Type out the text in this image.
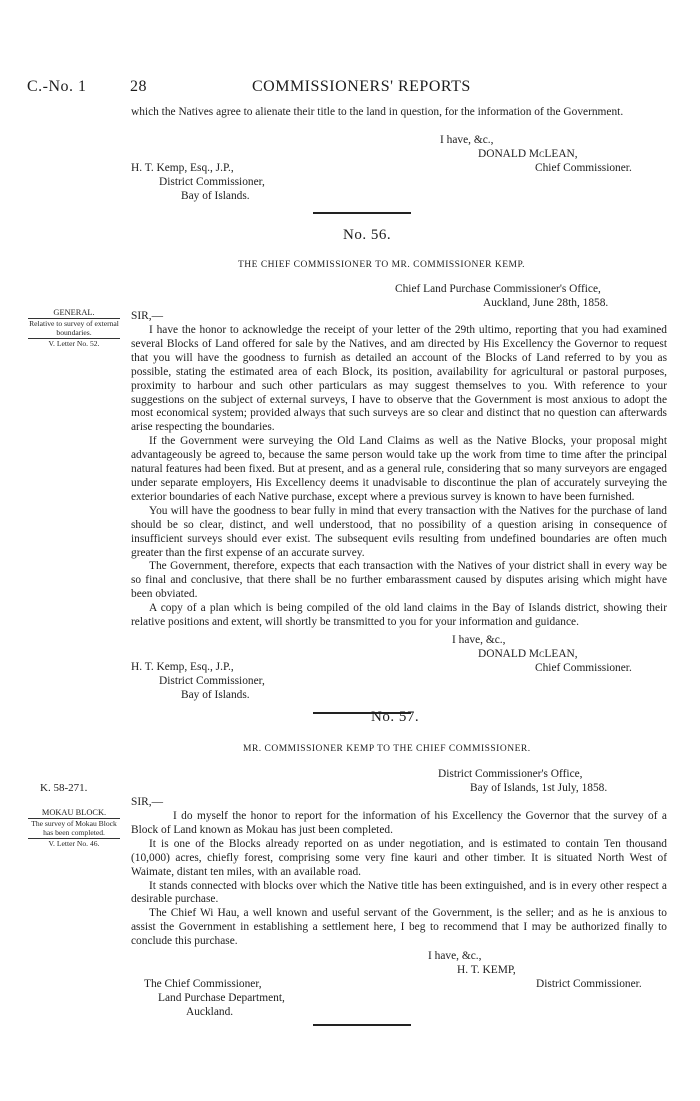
C.-No. 1	28	COMMISSIONERS' REPORTS

which the Natives agree to alienate their title to the land in question, for the information of the Government.

I have, &c.,
DONALD McLEAN,
Chief Commissioner.
H. T. Kemp, Esq., J.P.,
District Commissioner,
Bay of Islands.
No. 56.
THE CHIEF COMMISSIONER TO MR. COMMISSIONER KEMP.
Chief Land Purchase Commissioner's Office,
Auckland, June 28th, 1858.
GENERAL.
Relative to survey of external boundaries.
V. Letter No. 52.
SIR,—

I have the honor to acknowledge the receipt of your letter of the 29th ultimo, reporting that you had examined several Blocks of Land offered for sale by the Natives, and am directed by His Excellency the Governor to request that you will have the goodness to furnish as detailed an account of the Blocks of Land referred to by you as possible, stating the estimated area of each Block, its position, availability for agricultural or pastoral purposes, proximity to harbour and such other particulars as may suggest themselves to you. With reference to your suggestions on the subject of external surveys, I have to observe that the Government is most anxious to adopt the most economical system; provided always that such surveys are so clear and distinct that no question can afterwards arise respecting the boundaries.

If the Government were surveying the Old Land Claims as well as the Native Blocks, your proposal might advantageously be agreed to, because the same person would take up the work from time to time after the principal natural features had been fixed. But at present, and as a general rule, considering that so many surveyors are engaged under separate employers, His Excellency deems it unadvisable to discontinue the plan of accurately surveying the exterior boundaries of each Native purchase, except where a previous survey is known to have been furnished.

You will have the goodness to bear fully in mind that every transaction with the Natives for the purchase of land should be so clear, distinct, and well understood, that no possibility of a question arising in consequence of insufficient surveys should ever exist. The subsequent evils resulting from undefined boundaries are often much greater than the first expense of an accurate survey.

The Government, therefore, expects that each transaction with the Natives of your district shall in every way be so final and conclusive, that there shall be no further embarassment caused by disputes arising which might have been obviated.

A copy of a plan which is being compiled of the old land claims in the Bay of Islands district, showing their relative positions and extent, will shortly be transmitted to you for your information and guidance.

I have, &c.,
DONALD McLEAN,
Chief Commissioner.
H. T. Kemp, Esq., J.P.,
District Commissioner,
Bay of Islands.
No. 57.
MR. COMMISSIONER KEMP TO THE CHIEF COMMISSIONER.
District Commissioner's Office,
Bay of Islands, 1st July, 1858.
K. 58-271.
MOKAU BLOCK.
The survey of Mokau Block has been completed.
V. Letter No. 46.
SIR,—

I do myself the honor to report for the information of his Excellency the Governor that the survey of a Block of Land known as Mokau has just been completed.

It is one of the Blocks already reported on as under negotiation, and is estimated to contain Ten thousand (10,000) acres, chiefly forest, comprising some very fine kauri and other timber. It is situated North West of Waimate, distant ten miles, with an available road.

It stands connected with blocks over which the Native title has been extinguished, and is in every other respect a desirable purchase.

The Chief Wi Hau, a well known and useful servant of the Government, is the seller; and as he is anxious to assist the Government in establishing a settlement here, I beg to recommend that I may be authorized finally to conclude this purchase.

I have, &c.,
H. T. KEMP,
District Commissioner.
The Chief Commissioner,
Land Purchase Department,
Auckland.
